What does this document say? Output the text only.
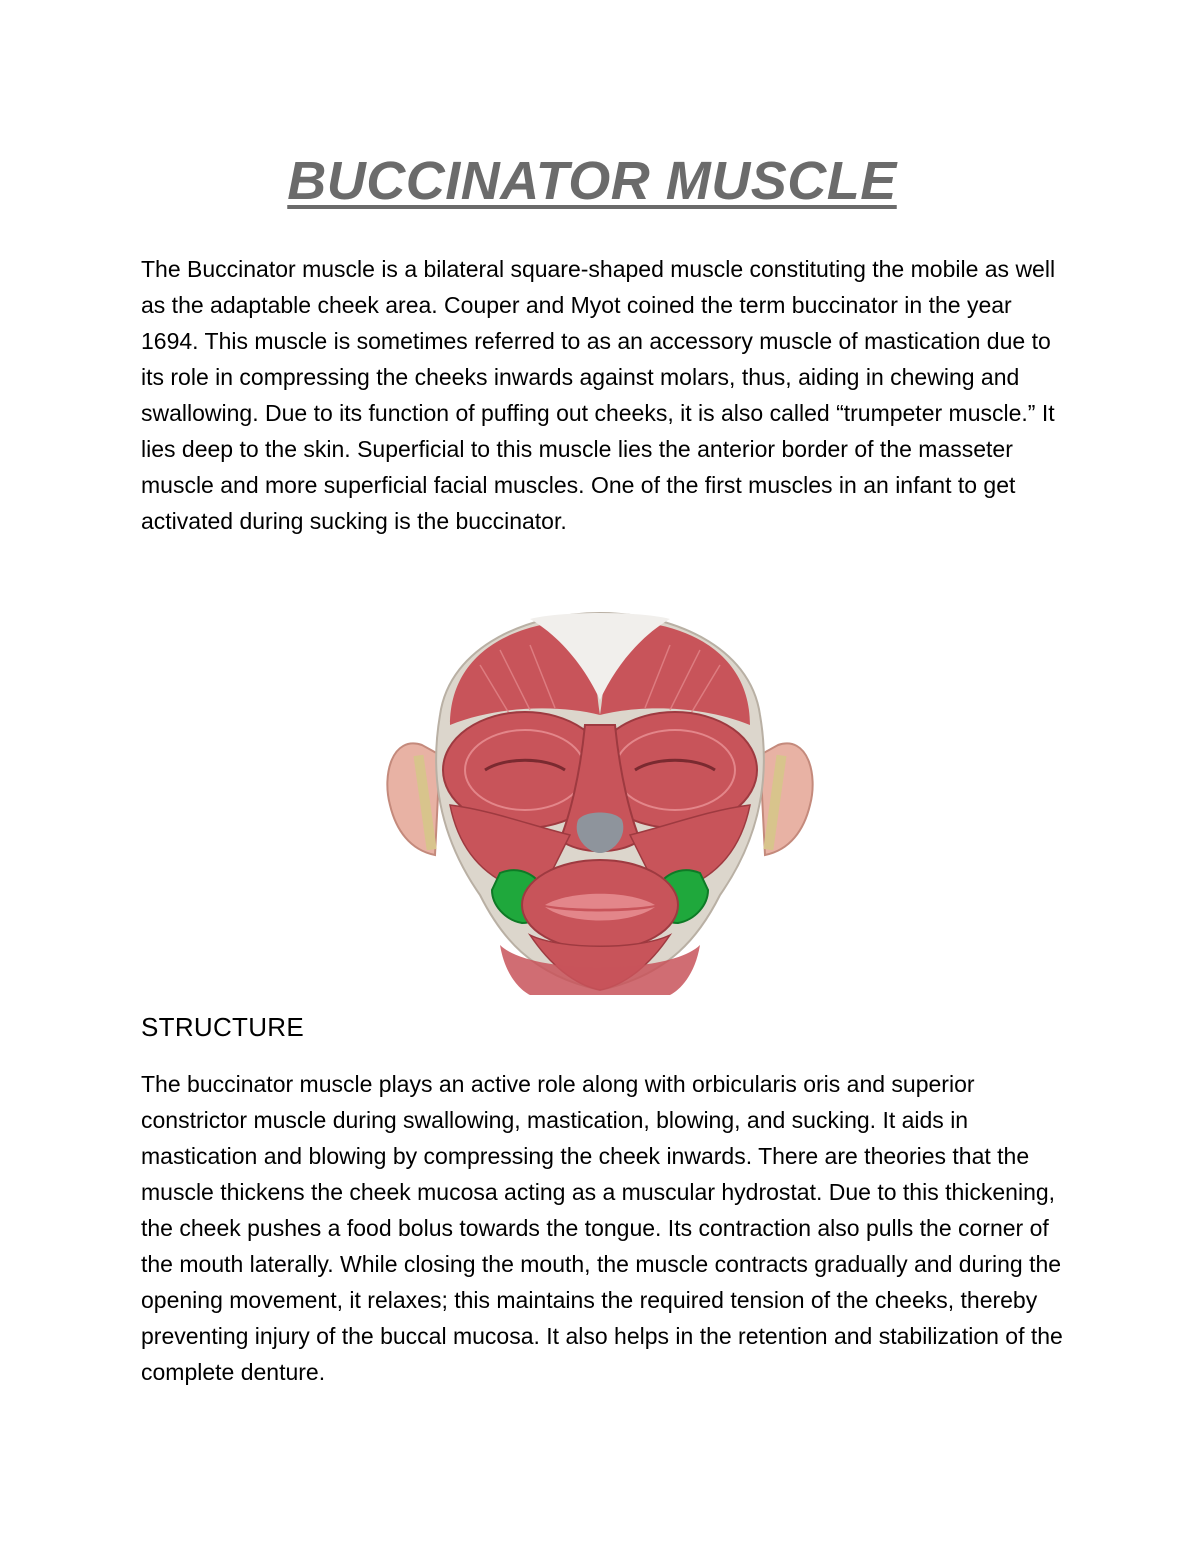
BUCCINATOR MUSCLE

The Buccinator muscle is a bilateral square-shaped muscle constituting the mobile as well as the adaptable cheek area. Couper and Myot coined the term buccinator in the year 1694. This muscle is sometimes referred to as an accessory muscle of mastication due to its role in compressing the cheeks inwards against molars, thus, aiding in chewing and swallowing. Due to its function of puffing out cheeks, it is also called “trumpeter muscle.” It lies deep to the skin. Superficial to this muscle lies the anterior border of the masseter muscle and more superficial facial muscles. One of the first muscles in an infant to get activated during sucking is the buccinator.

STRUCTURE

The buccinator muscle plays an active role along with orbicularis oris and superior constrictor muscle during swallowing, mastication, blowing, and sucking. It aids in mastication and blowing by compressing the cheek inwards. There are theories that the muscle thickens the cheek mucosa acting as a muscular hydrostat. Due to this thickening, the cheek pushes a food bolus towards the tongue. Its contraction also pulls the corner of the mouth laterally. While closing the mouth, the muscle contracts gradually and during the opening movement, it relaxes; this maintains the required tension of the cheeks, thereby preventing injury of the buccal mucosa. It also helps in the retention and stabilization of the complete denture.
